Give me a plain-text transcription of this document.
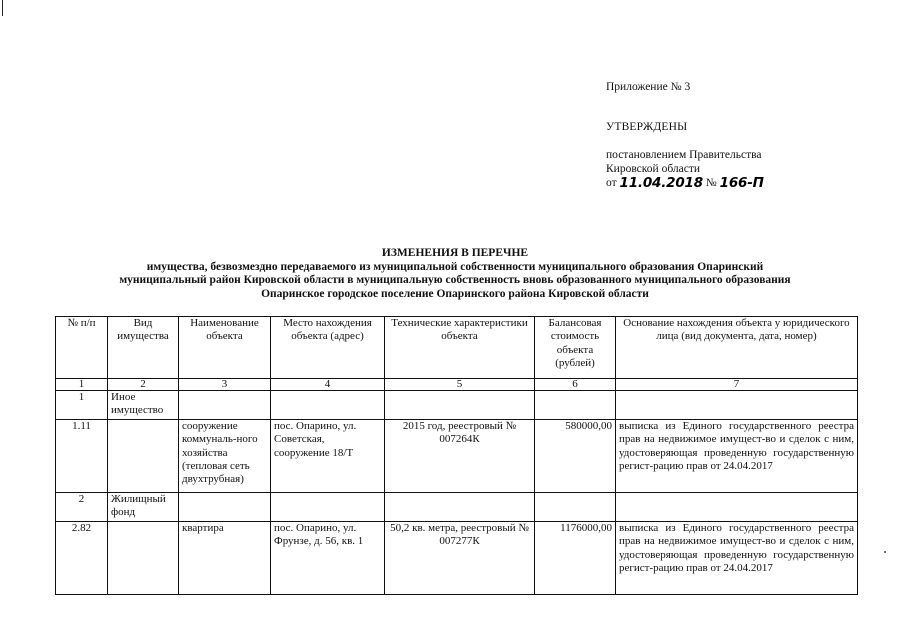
Приложение № 3
УТВЕРЖДЕНЫ
постановлением Правительства
Кировской области
от 11.04.2018 № 166-П
ИЗМЕНЕНИЯ В ПЕРЕЧНЕ
имущества, безвозмездно передаваемого из муниципальной собственности муниципального образования Опаринский
муниципальный район Кировской области в муниципальную собственность вновь образованного муниципального образования
Опаринское городское поселение Опаринского района Кировской области
№ п/п	Вид имущества	Наименование объекта	Место нахождения объекта (адрес)	Технические характеристики объекта	Балансовая стоимость объекта (рублей)	Основание нахождения объекта у юридического лица (вид документа, дата, номер)
1	2	3	4	5	6	7
1	Иное имущество					
1.11		сооружение коммуналь-ного хозяйства (тепловая сеть двухтрубная)	пос. Опарино, ул. Советская, сооружение 18/Т	2015 год, реестровый № 007264К	580000,00	выписка из Единого государственного реестра прав на недвижимое имущест-во и сделок с ним, удостоверяющая проведенную государственную регист-рацию прав от 24.04.2017
2	Жилищный фонд					
2.82		квартира	пос. Опарино, ул. Фрунзе, д. 56, кв. 1	50,2 кв. метра, реестровый № 007277К	1176000,00	выписка из Единого государственного реестра прав на недвижимое имущест-во и сделок с ним, удостоверяющая проведенную государственную регист-рацию прав от 24.04.2017
